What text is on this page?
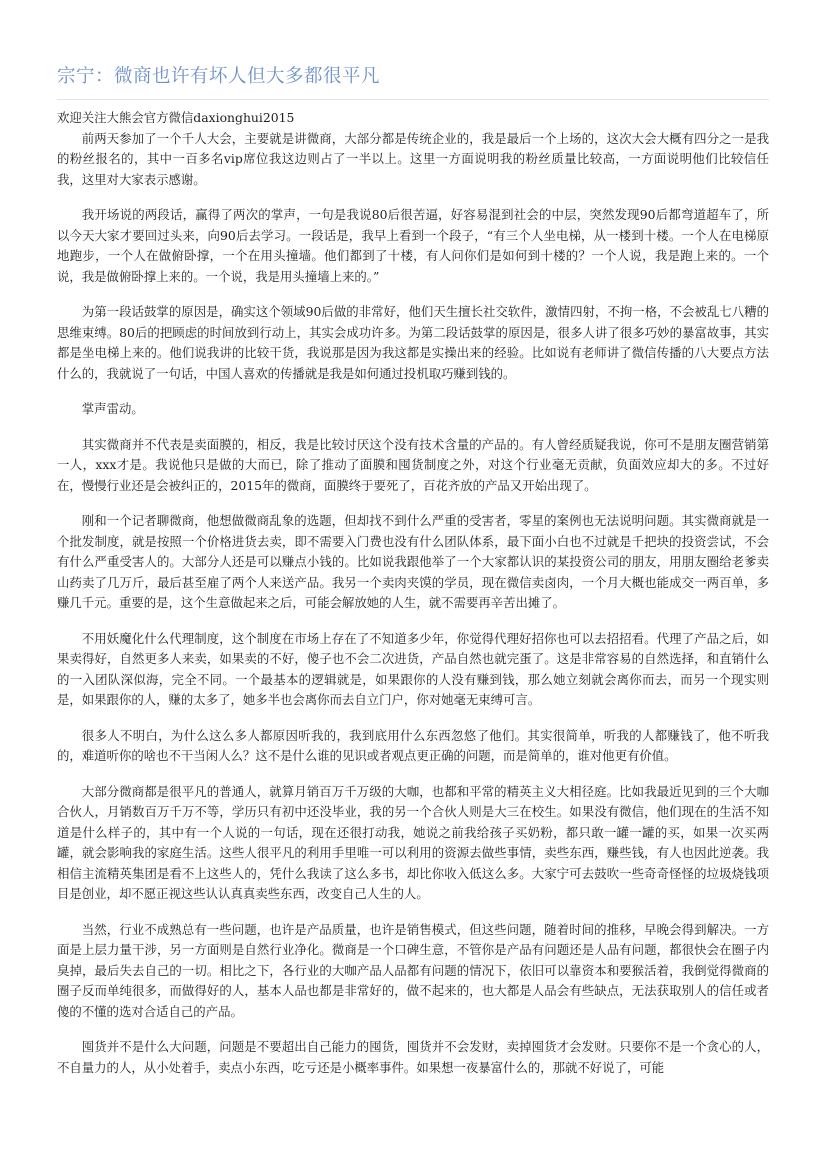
宗宁：微商也许有坏人但大多都很平凡

欢迎关注大熊会官方微信daxionghui2015

前两天参加了一个千人大会，主要就是讲微商，大部分都是传统企业的，我是最后一个上场的，这次大会大概有四分之一是我的粉丝报名的，其中一百多名vip席位我这边则占了一半以上。这里一方面说明我的粉丝质量比较高，一方面说明他们比较信任我，这里对大家表示感谢。

我开场说的两段话，赢得了两次的掌声，一句是我说80后很苦逼，好容易混到社会的中层，突然发现90后都弯道超车了，所以今天大家才要回过头来，向90后去学习。一段话是，我早上看到一个段子，“有三个人坐电梯，从一楼到十楼。一个人在电梯原地跑步，一个人在做俯卧撑，一个在用头撞墙。他们都到了十楼，有人问你们是如何到十楼的？一个人说，我是跑上来的。一个说，我是做俯卧撑上来的。一个说，我是用头撞墙上来的。”

为第一段话鼓掌的原因是，确实这个领域90后做的非常好，他们天生擅长社交软件，激情四射，不拘一格，不会被乱七八糟的思维束缚。80后的把顾虑的时间放到行动上，其实会成功许多。为第二段话鼓掌的原因是，很多人讲了很多巧妙的暴富故事，其实都是坐电梯上来的。他们说我讲的比较干货，我说那是因为我这都是实操出来的经验。比如说有老师讲了微信传播的八大要点方法什么的，我就说了一句话，中国人喜欢的传播就是我是如何通过投机取巧赚到钱的。

掌声雷动。

其实微商并不代表是卖面膜的，相反，我是比较讨厌这个没有技术含量的产品的。有人曾经质疑我说，你可不是朋友圈营销第一人，xxx才是。我说他只是做的大而已，除了推动了面膜和囤货制度之外，对这个行业毫无贡献，负面效应却大的多。不过好在，慢慢行业还是会被纠正的，2015年的微商，面膜终于要死了，百花齐放的产品又开始出现了。

刚和一个记者聊微商，他想做微商乱象的选题，但却找不到什么严重的受害者，零星的案例也无法说明问题。其实微商就是一个批发制度，就是按照一个价格进货去卖，即不需要入门费也没有什么团队体系，最下面小白也不过就是千把块的投资尝试，不会有什么严重受害人的。大部分人还是可以赚点小钱的。比如说我跟他举了一个大家都认识的某投资公司的朋友，用朋友圈给老爹卖山药卖了几万斤，最后甚至雇了两个人来送产品。我另一个卖肉夹馍的学员，现在微信卖卤肉，一个月大概也能成交一两百单，多赚几千元。重要的是，这个生意做起来之后，可能会解放她的人生，就不需要再辛苦出摊了。

不用妖魔化什么代理制度，这个制度在市场上存在了不知道多少年，你觉得代理好招你也可以去招招看。代理了产品之后，如果卖得好，自然更多人来卖，如果卖的不好，傻子也不会二次进货，产品自然也就完蛋了。这是非常容易的自然选择，和直销什么的一入团队深似海，完全不同。一个最基本的逻辑就是，如果跟你的人没有赚到钱，那么她立刻就会离你而去，而另一个现实则是，如果跟你的人，赚的太多了，她多半也会离你而去自立门户，你对她毫无束缚可言。

很多人不明白，为什么这么多人都原因听我的，我到底用什么东西忽悠了他们。其实很简单，听我的人都赚钱了，他不听我的，难道听你的啥也不干当闲人么？这不是什么谁的见识或者观点更正确的问题，而是简单的，谁对他更有价值。

大部分微商都是很平凡的普通人，就算月销百万千万级的大咖，也都和平常的精英主义大相径庭。比如我最近见到的三个大咖合伙人，月销数百万千万不等，学历只有初中还没毕业，我的另一个合伙人则是大三在校生。如果没有微信，他们现在的生活不知道是什么样子的，其中有一个人说的一句话，现在还很打动我，她说之前我给孩子买奶粉，都只敢一罐一罐的买，如果一次买两罐，就会影响我的家庭生活。这些人很平凡的利用手里唯一可以利用的资源去做些事情，卖些东西，赚些钱，有人也因此逆袭。我相信主流精英集团是看不上这些人的，凭什么我读了这么多书，却比你收入低这么多。大家宁可去鼓吹一些奇奇怪怪的垃圾烧钱项目是创业，却不愿正视这些认认真真卖些东西，改变自己人生的人。

当然，行业不成熟总有一些问题，也许是产品质量，也许是销售模式，但这些问题，随着时间的推移，早晚会得到解决。一方面是上层力量干涉，另一方面则是自然行业净化。微商是一个口碑生意，不管你是产品有问题还是人品有问题，都很快会在圈子内臭掉，最后失去自己的一切。相比之下，各行业的大咖产品人品都有问题的情况下，依旧可以靠资本和要猴活着，我倒觉得微商的圈子反而单纯很多，而做得好的人，基本人品也都是非常好的，做不起来的，也大都是人品会有些缺点，无法获取别人的信任或者傻的不懂的选对合适自己的产品。

囤货并不是什么大问题，问题是不要超出自己能力的囤货，囤货并不会发财，卖掉囤货才会发财。只要你不是一个贪心的人，不自量力的人，从小处着手，卖点小东西，吃亏还是小概率事件。如果想一夜暴富什么的，那就不好说了，可能
